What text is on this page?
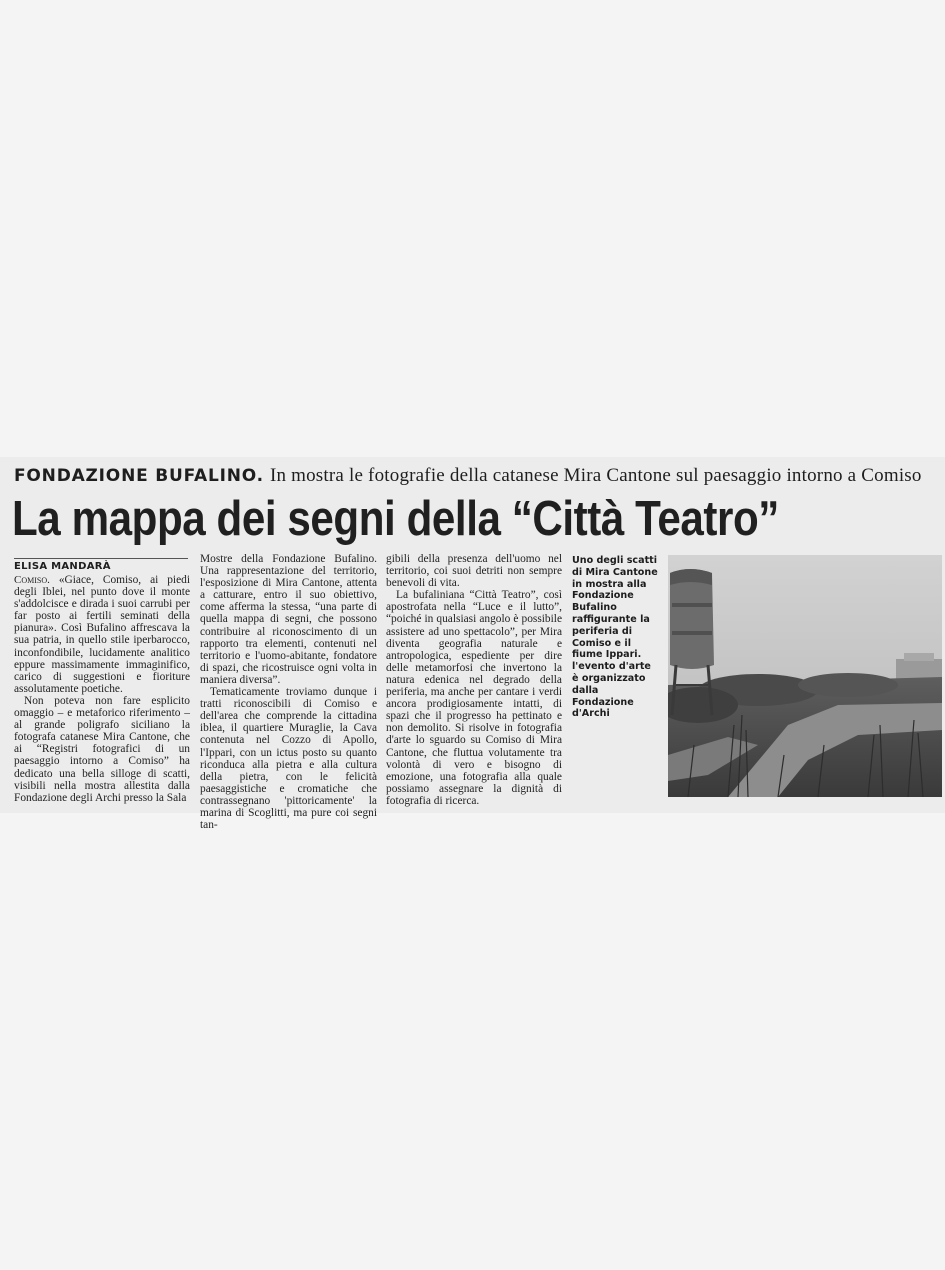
FONDAZIONE BUFALINO. In mostra le fotografie della catanese Mira Cantone sul paesaggio intorno a Comiso
La mappa dei segni della “Città Teatro”
ELISA MANDARÀ

Comiso. «Giace, Comiso, ai piedi degli Iblei, nel punto dove il monte s'addolcisce e dirada i suoi carrubi per far posto ai fertili seminati della pianura». Così Bufalino affrescava la sua patria, in quello stile iperbarocco, inconfondibile, lucidamente analitico eppure massimamente immaginifico, carico di suggestioni e fioriture assolutamente poetiche.

Non poteva non fare esplicito omaggio – e metaforico riferimento – al grande poligrafo siciliano la fotografa catanese Mira Cantone, che ai “Registri fotografici di un paesaggio intorno a Comiso” ha dedicato una bella silloge di scatti, visibili nella mostra allestita dalla Fondazione degli Archi presso la Sala

Mostre della Fondazione Bufalino. Una rappresentazione del territorio, l'esposizione di Mira Cantone, attenta a catturare, entro il suo obiettivo, come afferma la stessa, “una parte di quella mappa di segni, che possono contribuire al riconoscimento di un rapporto tra elementi, contenuti nel territorio e l'uomo-abitante, fondatore di spazi, che ricostruisce ogni volta in maniera diversa”.

Tematicamente troviamo dunque i tratti riconoscibili di Comiso e dell'area che comprende la cittadina iblea, il quartiere Muraglie, la Cava contenuta nel Cozzo di Apollo, l'Ippari, con un ictus posto su quanto riconduca alla pietra e alla cultura della pietra, con le felicità paesaggistiche e cromatiche che contrassegnano 'pittoricamente' la marina di Scoglitti, ma pure coi segni tan-

gibili della presenza dell'uomo nel territorio, coi suoi detriti non sempre benevoli di vita.

La bufaliniana “Città Teatro”, così apostrofata nella “Luce e il lutto”, “poiché in qualsiasi angolo è possibile assistere ad uno spettacolo”, per Mira diventa geografia naturale e antropologica, espediente per dire delle metamorfosi che invertono la natura edenica nel degrado della periferia, ma anche per cantare i verdi ancora prodigiosamente intatti, di spazi che il progresso ha pettinato e non demolito. Si risolve in fotografia d'arte lo sguardo su Comiso di Mira Cantone, che fluttua volutamente tra volontà di vero e bisogno di emozione, una fotografia alla quale possiamo assegnare la dignità di fotografia di ricerca.

Uno degli scatti di Mira Cantone in mostra alla Fondazione Bufalino raffigurante la periferia di Comiso e il fiume Ippari. l'evento d'arte è organizzato dalla Fondazione d'Archi
